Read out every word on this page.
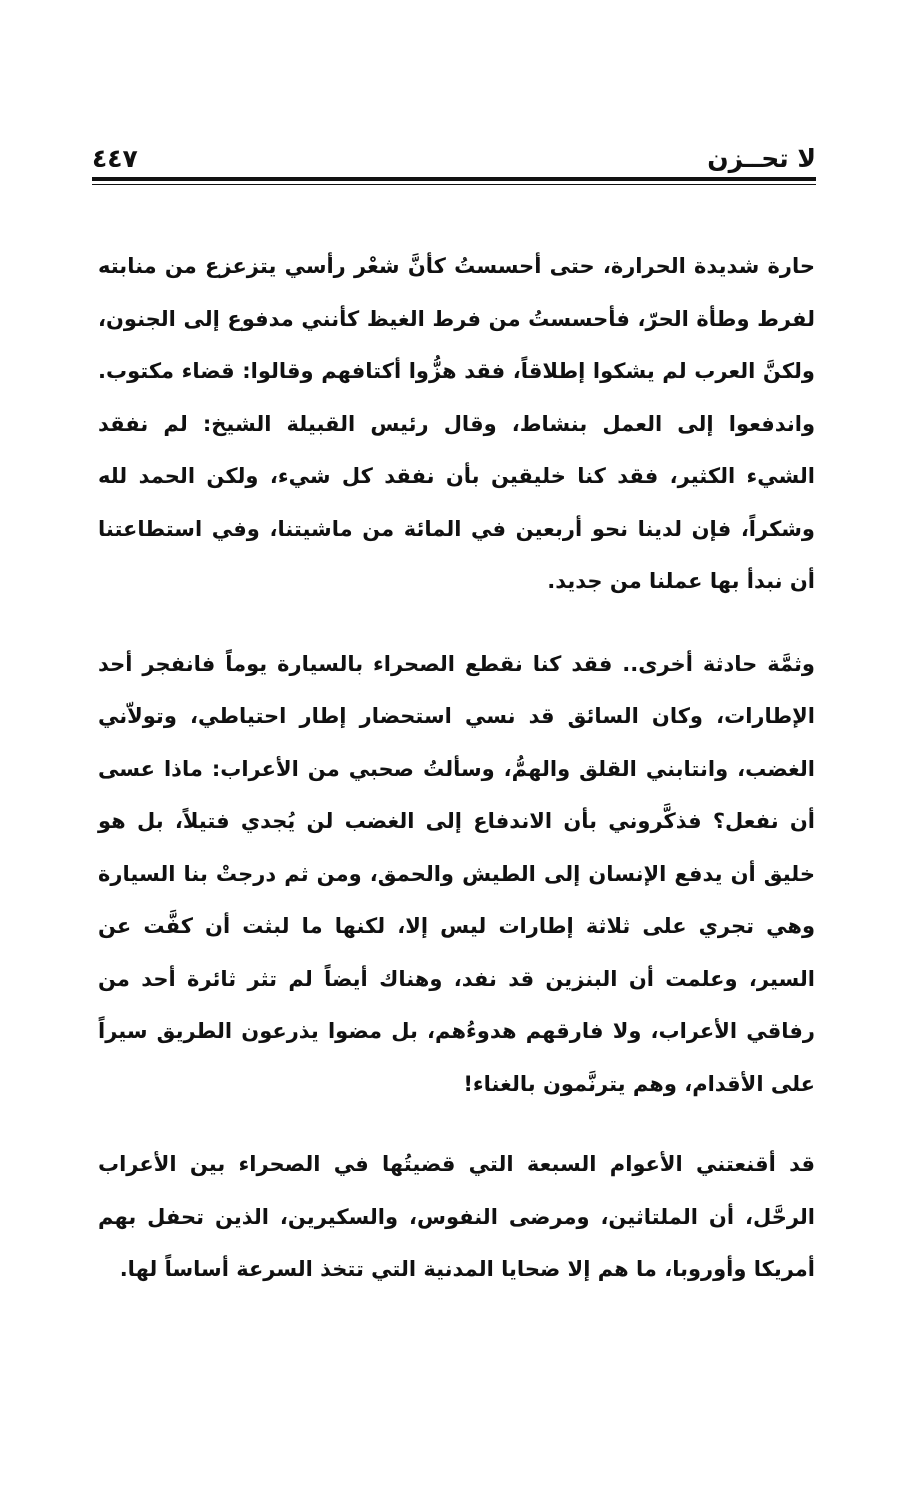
لا تحــزن
٤٤٧

حارة شديدة الحرارة، حتى أحسستُ كأنَّ شعْر رأسي يتزعزع من منابته لفرط وطأة الحرّ، فأحسستُ من فرط الغيظ كأنني مدفوع إلى الجنون، ولكنَّ العرب لم يشكوا إطلاقاً، فقد هزُّوا أكتافهم وقالوا: قضاء مكتوب. واندفعوا إلى العمل بنشاط، وقال رئيس القبيلة الشيخ: لم نفقد الشيء الكثير، فقد كنا خليقين بأن نفقد كل شيء، ولكن الحمد لله وشكراً، فإن لدينا نحو أربعين في المائة من ماشيتنا، وفي استطاعتنا أن نبدأ بها عملنا من جديد.

وثمَّة حادثة أخرى.. فقد كنا نقطع الصحراء بالسيارة يوماً فانفجر أحد الإطارات، وكان السائق قد نسي استحضار إطار احتياطي، وتولاّني الغضب، وانتابني القلق والهمُّ، وسألتُ صحبي من الأعراب: ماذا عسى أن نفعل؟ فذكَّروني بأن الاندفاع إلى الغضب لن يُجدي فتيلاً، بل هو خليق أن يدفع الإنسان إلى الطيش والحمق، ومن ثم درجتْ بنا السيارة وهي تجري على ثلاثة إطارات ليس إلا، لكنها ما لبثت أن كفَّت عن السير، وعلمت أن البنزين قد نفد، وهناك أيضاً لم تثر ثائرة أحد من رفاقي الأعراب، ولا فارقهم هدوءُهم، بل مضوا يذرعون الطريق سيراً على الأقدام، وهم يترنَّمون بالغناء!

قد أقنعتني الأعوام السبعة التي قضيتُها في الصحراء بين الأعراب الرحَّل، أن الملتاثين، ومرضى النفوس، والسكيرين، الذين تحفل بهم أمريكا وأوروبا، ما هم إلا ضحايا المدنية التي تتخذ السرعة أساساً لها.
